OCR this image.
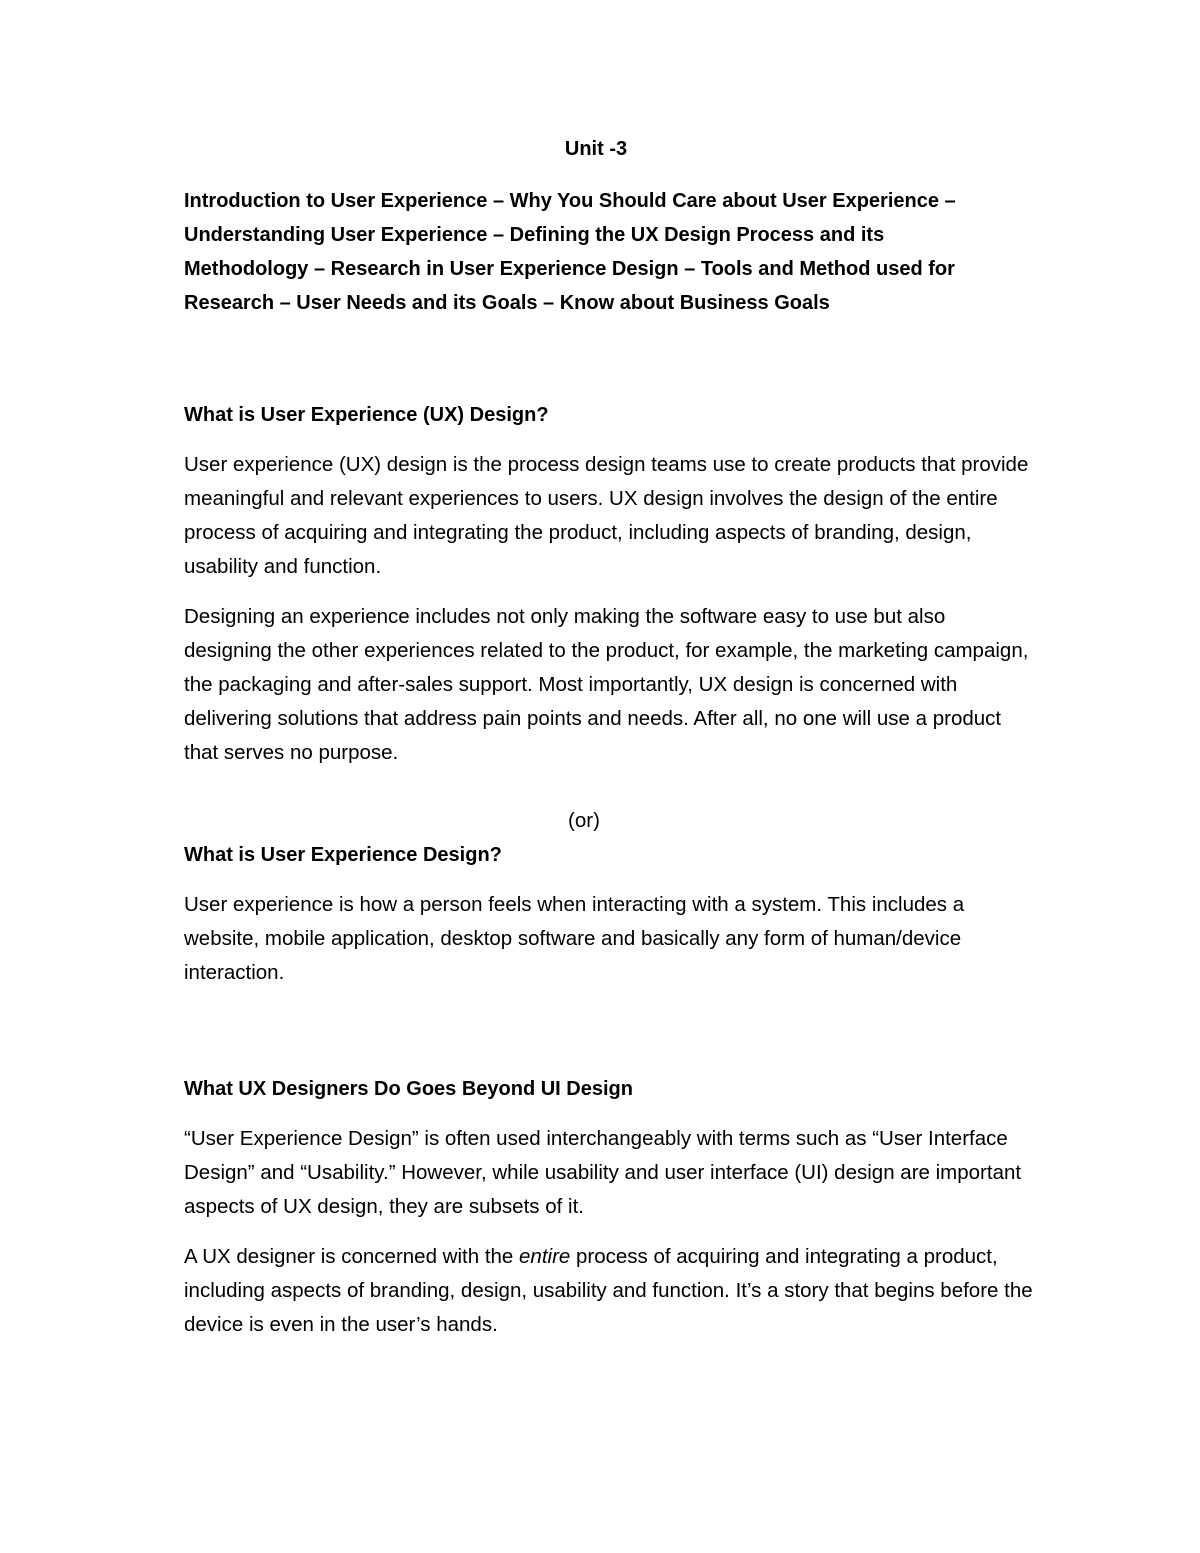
Unit -3

Introduction to User Experience – Why You Should Care about User Experience – Understanding User Experience – Defining the UX Design Process and its Methodology – Research in User Experience Design – Tools and Method used for Research – User Needs and its Goals – Know about Business Goals

What is User Experience (UX) Design?

User experience (UX) design is the process design teams use to create products that provide meaningful and relevant experiences to users. UX design involves the design of the entire process of acquiring and integrating the product, including aspects of branding, design, usability and function.

Designing an experience includes not only making the software easy to use but also designing the other experiences related to the product, for example, the marketing campaign, the packaging and after-sales support. Most importantly, UX design is concerned with delivering solutions that address pain points and needs. After all, no one will use a product that serves no purpose.

(or)

What is User Experience Design?

User experience is how a person feels when interacting with a system. This includes a website, mobile application, desktop software and basically any form of human/device interaction.

What UX Designers Do Goes Beyond UI Design

“User Experience Design” is often used interchangeably with terms such as “User Interface Design” and “Usability.” However, while usability and user interface (UI) design are important aspects of UX design, they are subsets of it.

A UX designer is concerned with the entire process of acquiring and integrating a product, including aspects of branding, design, usability and function. It’s a story that begins before the device is even in the user’s hands.
